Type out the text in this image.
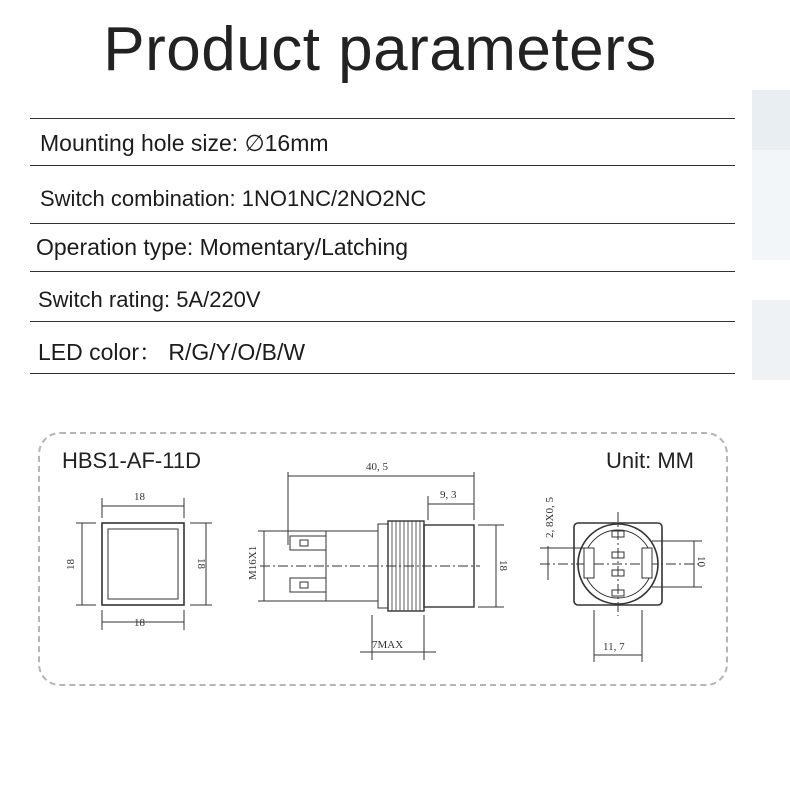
Product parameters
Mounting hole size: ∅16mm
Switch combination: 1NO1NC/2NO2NC
Operation type: Momentary/Latching
Switch rating: 5A/220V
LED color： R/G/Y/O/B/W
HBS1-AF-11D	Unit: MM
18
18
18	18
40, 5
9, 3
M16X1	18
7MAX
2, 8X0, 5
10
11, 7
